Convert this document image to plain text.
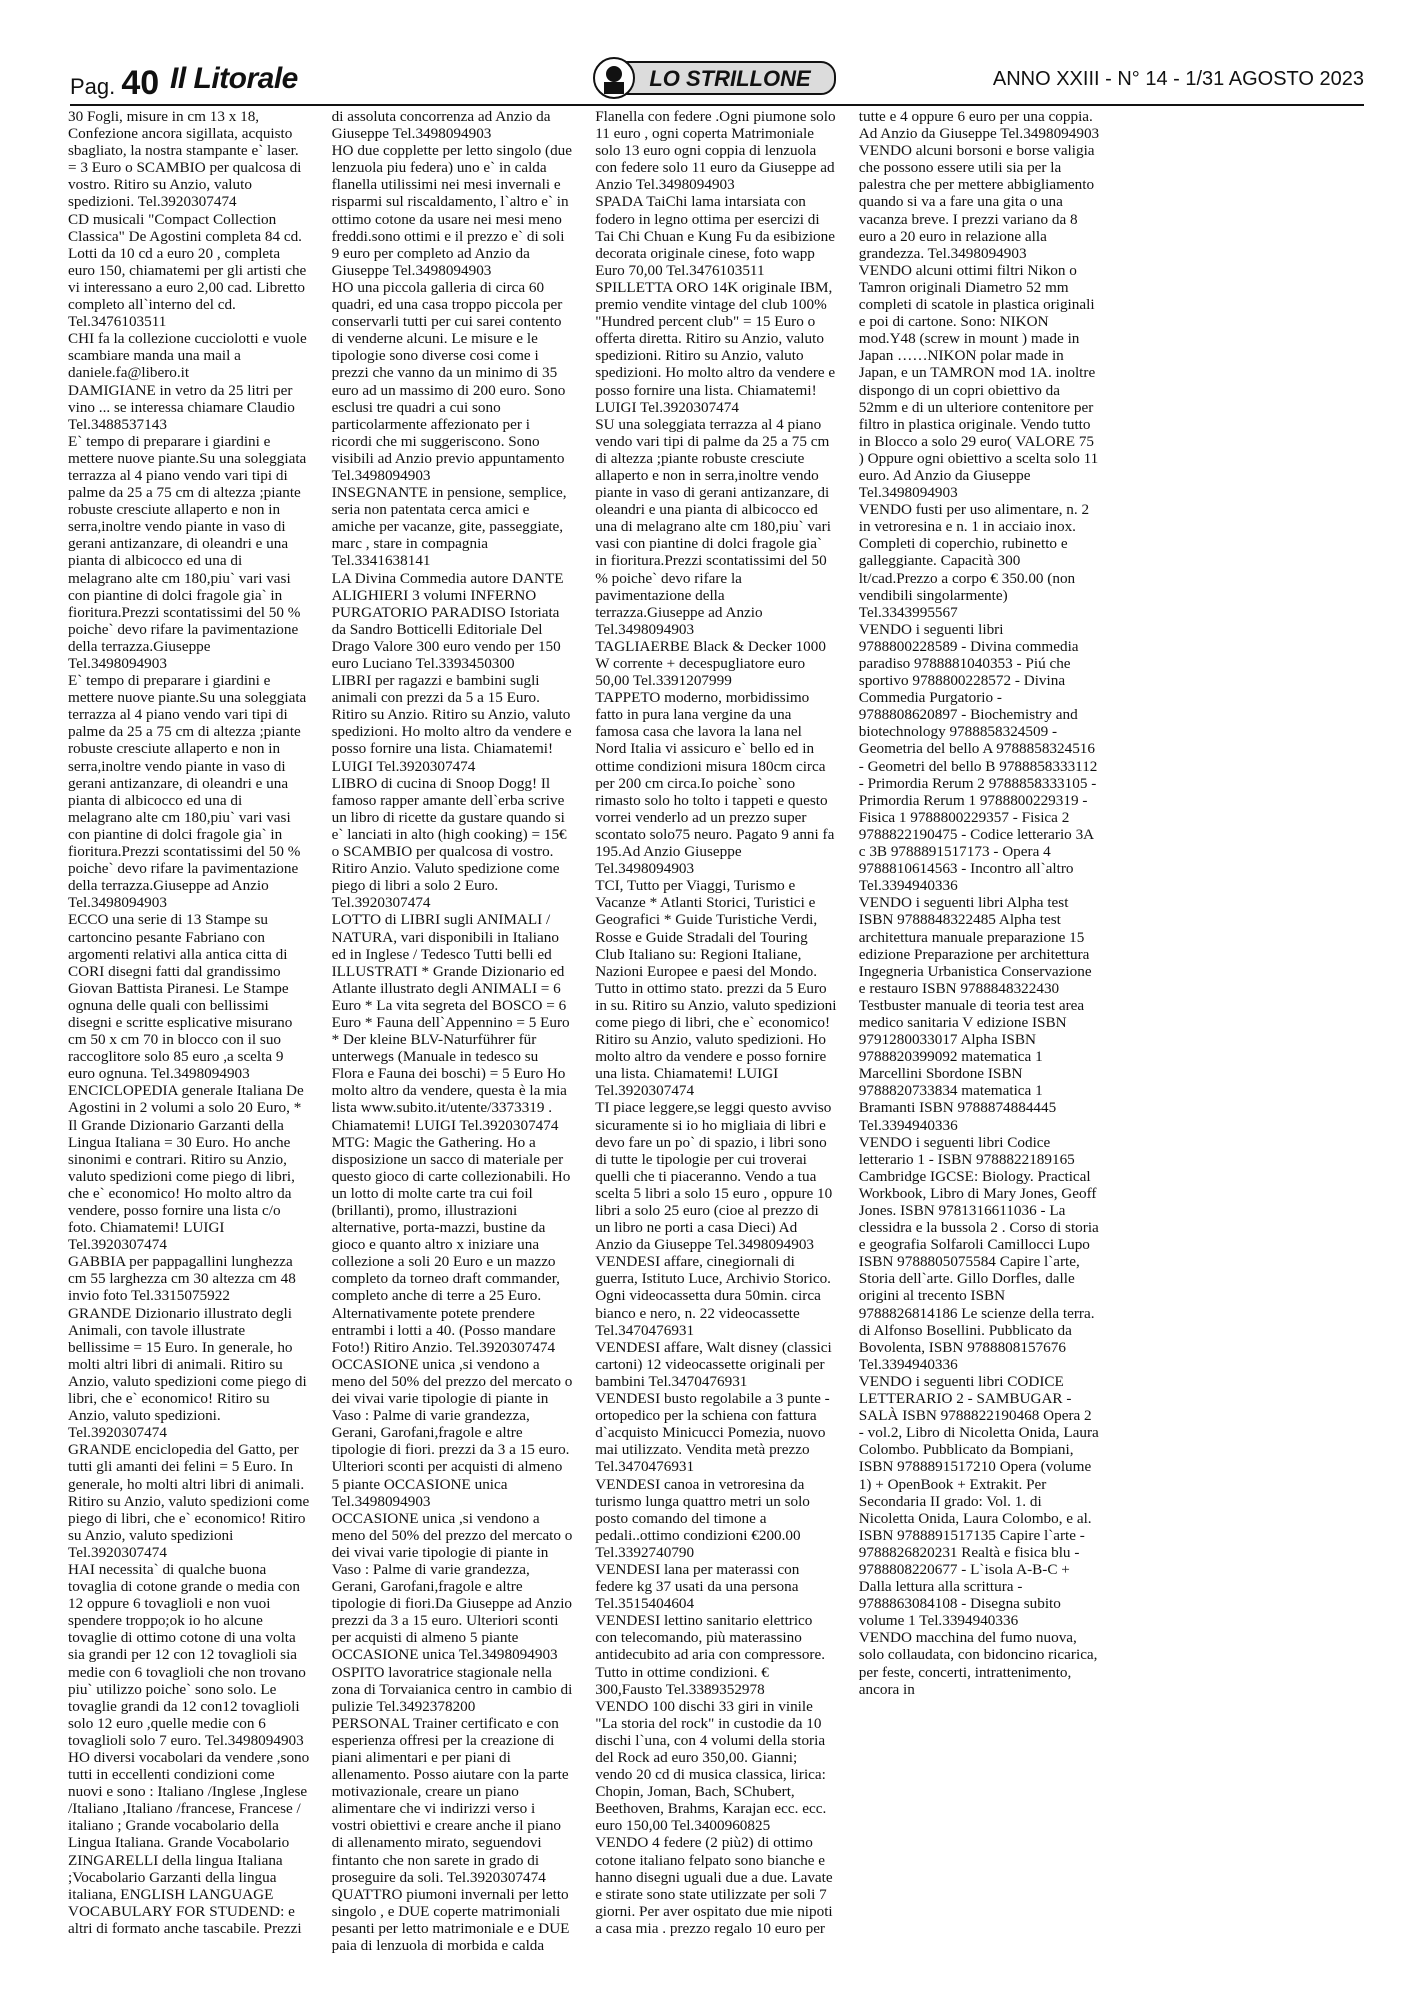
Pag. 40 Il Litorale	LO STRILLONE	ANNO XXIII - N° 14 - 1/31 AGOSTO 2023

30 Fogli, misure in cm 13 x 18, Confezione ancora sigillata, acquisto sbagliato, la nostra stampante e` laser. = 3 Euro o SCAMBIO per qualcosa di vostro. Ritiro su Anzio, valuto spedizioni. Tel.3920307474

CD musicali "Compact Collection Classica" De Agostini completa 84 cd. Lotti da 10 cd a euro 20 , completa euro 150, chiamatemi per gli artisti che vi interessano a euro 2,00 cad. Libretto completo all`interno del cd. Tel.3476103511

CHI fa la collezione cucciolotti e vuole scambiare manda una mail a daniele.fa@libero.it

DAMIGIANE in vetro da 25 litri per vino ... se interessa chiamare Claudio Tel.3488537143

E` tempo di preparare i giardini e mettere nuove piante.Su una soleggiata terrazza al 4 piano vendo vari tipi di palme da 25 a 75 cm di altezza ;piante robuste cresciute allaperto e non in serra,inoltre vendo piante in vaso di gerani antizanzare, di oleandri e una pianta di albicocco ed una di melagrano alte cm 180,piu` vari vasi con piantine di dolci fragole gia` in fioritura.Prezzi scontatissimi del 50 % poiche` devo rifare la pavimentazione della terrazza.Giuseppe Tel.3498094903

E` tempo di preparare i giardini e mettere nuove piante.Su una soleggiata terrazza al 4 piano vendo vari tipi di palme da 25 a 75 cm di altezza ;piante robuste cresciute allaperto e non in serra,inoltre vendo piante in vaso di gerani antizanzare, di oleandri e una pianta di albicocco ed una di melagrano alte cm 180,piu` vari vasi con piantine di dolci fragole gia` in fioritura.Prezzi scontatissimi del 50 % poiche` devo rifare la pavimentazione della terrazza.Giuseppe ad Anzio Tel.3498094903

ECCO una serie di 13 Stampe su cartoncino pesante Fabriano con argomenti relativi alla antica citta di CORI disegni fatti dal grandissimo Giovan Battista Piranesi. Le Stampe ognuna delle quali con bellissimi disegni e scritte esplicative misurano cm 50 x cm 70 in blocco con il suo raccoglitore solo 85 euro ,a scelta 9 euro ognuna. Tel.3498094903

ENCICLOPEDIA generale Italiana De Agostini in 2 volumi a solo 20 Euro, * Il Grande Dizionario Garzanti della Lingua Italiana = 30 Euro. Ho anche sinonimi e contrari. Ritiro su Anzio, valuto spedizioni come piego di libri, che e` economico! Ho molto altro da vendere, posso fornire una lista c/o foto. Chiamatemi! LUIGI Tel.3920307474

GABBIA per pappagallini lunghezza cm 55 larghezza cm 30 altezza cm 48 invio foto Tel.3315075922

GRANDE Dizionario illustrato degli Animali, con tavole illustrate bellissime = 15 Euro. In generale, ho molti altri libri di animali. Ritiro su Anzio, valuto spedizioni come piego di libri, che e` economico! Ritiro su Anzio, valuto spedizioni. Tel.3920307474

GRANDE enciclopedia del Gatto, per tutti gli amanti dei felini = 5 Euro. In generale, ho molti altri libri di animali. Ritiro su Anzio, valuto spedizioni come piego di libri, che e` economico! Ritiro su Anzio, valuto spedizioni Tel.3920307474

HAI necessita` di qualche buona tovaglia di cotone grande o media con 12 oppure 6 tovaglioli e non vuoi spendere troppo;ok io ho alcune tovaglie di ottimo cotone di una volta sia grandi per 12 con 12 tovaglioli sia medie con 6 tovaglioli che non trovano piu` utilizzo poiche` sono solo. Le tovaglie grandi da 12 con12 tovaglioli solo 12 euro ,quelle medie con 6 tovaglioli solo 7 euro. Tel.3498094903

HO diversi vocabolari da vendere ,sono tutti in eccellenti condizioni come nuovi e sono : Italiano /Inglese ,Inglese /Italiano ,Italiano /francese, Francese / italiano ; Grande vocabolario della Lingua Italiana. Grande Vocabolario ZINGARELLI della lingua Italiana ;Vocabolario Garzanti della lingua italiana, ENGLISH LANGUAGE VOCABULARY FOR STUDEND: e altri di formato anche tascabile. Prezzi di assoluta concorrenza ad Anzio da Giuseppe Tel.3498094903

HO due copplette per letto singolo (due lenzuola piu federa) uno e` in calda flanella utilissimi nei mesi invernali e risparmi sul riscaldamento, l`altro e` in ottimo cotone da usare nei mesi meno freddi.sono ottimi e il prezzo e` di soli 9 euro per completo ad Anzio da Giuseppe Tel.3498094903

HO una piccola galleria di circa 60 quadri, ed una casa troppo piccola per conservarli tutti per cui sarei contento di venderne alcuni. Le misure e le tipologie sono diverse cosi come i prezzi che vanno da un minimo di 35 euro ad un massimo di 200 euro. Sono esclusi tre quadri a cui sono particolarmente affezionato per i ricordi che mi suggeriscono. Sono visibili ad Anzio previo appuntamento Tel.3498094903

INSEGNANTE in pensione, semplice, seria non patentata cerca amici e amiche per vacanze, gite, passeggiate, marc , stare in compagnia Tel.3341638141

LA Divina Commedia autore DANTE ALIGHIERI 3 volumi INFERNO PURGATORIO PARADISO Istoriata da Sandro Botticelli Editoriale Del Drago Valore 300 euro vendo per 150 euro Luciano Tel.3393450300

LIBRI per ragazzi e bambini sugli animali con prezzi da 5 a 15 Euro. Ritiro su Anzio. Ritiro su Anzio, valuto spedizioni. Ho molto altro da vendere e posso fornire una lista. Chiamatemi! LUIGI Tel.3920307474

LIBRO di cucina di Snoop Dogg! Il famoso rapper amante dell`erba scrive un libro di ricette da gustare quando si e` lanciati in alto (high cooking) = 15€ o SCAMBIO per qualcosa di vostro. Ritiro Anzio. Valuto spedizione come piego di libri a solo 2 Euro. Tel.3920307474

LOTTO di LIBRI sugli ANIMALI / NATURA, vari disponibili in Italiano ed in Inglese / Tedesco Tutti belli ed ILLUSTRATI * Grande Dizionario ed Atlante illustrato degli ANIMALI = 6 Euro * La vita segreta del BOSCO = 6 Euro * Fauna dell`Appennino = 5 Euro * Der kleine BLV-Naturführer für unterwegs (Manuale in tedesco su Flora e Fauna dei boschi) = 5 Euro Ho molto altro da vendere, questa è la mia lista www.subito.it/utente/3373319 . Chiamatemi! LUIGI Tel.3920307474

MTG: Magic the Gathering. Ho a disposizione un sacco di materiale per questo gioco di carte collezionabili. Ho un lotto di molte carte tra cui foil (brillanti), promo, illustrazioni alternative, porta-mazzi, bustine da gioco e quanto altro x iniziare una collezione a soli 20 Euro e un mazzo completo da torneo draft commander, completo anche di terre a 25 Euro. Alternativamente potete prendere entrambi i lotti a 40. (Posso mandare Foto!) Ritiro Anzio. Tel.3920307474

OCCASIONE unica ,si vendono a meno del 50% del prezzo del mercato o dei vivai varie tipologie di piante in Vaso : Palme di varie grandezza, Gerani, Garofani,fragole e altre tipologie di fiori. prezzi da 3 a 15 euro. Ulteriori sconti per acquisti di almeno 5 piante OCCASIONE unica Tel.3498094903

OCCASIONE unica ,si vendono a meno del 50% del prezzo del mercato o dei vivai varie tipologie di piante in Vaso : Palme di varie grandezza, Gerani, Garofani,fragole e altre tipologie di fiori.Da Giuseppe ad Anzio prezzi da 3 a 15 euro. Ulteriori sconti per acquisti di almeno 5 piante OCCASIONE unica Tel.3498094903

OSPITO lavoratrice stagionale nella zona di Torvaianica centro in cambio di pulizie Tel.3492378200

PERSONAL Trainer certificato e con esperienza offresi per la creazione di piani alimentari e per piani di allenamento. Posso aiutare con la parte motivazionale, creare un piano alimentare che vi indirizzi verso i vostri obiettivi e creare anche il piano di allenamento mirato, seguendovi fintanto che non sarete in grado di proseguire da soli. Tel.3920307474

QUATTRO piumoni invernali per letto singolo , e DUE coperte matrimoniali pesanti per letto matrimoniale e e DUE paia di lenzuola di morbida e calda Flanella con federe .Ogni piumone solo 11 euro , ogni coperta Matrimoniale solo 13 euro ogni coppia di lenzuola con federe solo 11 euro da Giuseppe ad Anzio Tel.3498094903

SPADA TaiChi lama intarsiata con fodero in legno ottima per esercizi di Tai Chi Chuan e Kung Fu da esibizione decorata originale cinese, foto wapp Euro 70,00 Tel.3476103511

SPILLETTA ORO 14K originale IBM, premio vendite vintage del club 100% "Hundred percent club" = 15 Euro o offerta diretta. Ritiro su Anzio, valuto spedizioni. Ritiro su Anzio, valuto spedizioni. Ho molto altro da vendere e posso fornire una lista. Chiamatemi! LUIGI Tel.3920307474

SU una soleggiata terrazza al 4 piano vendo vari tipi di palme da 25 a 75 cm di altezza ;piante robuste cresciute allaperto e non in serra,inoltre vendo piante in vaso di gerani antizanzare, di oleandri e una pianta di albicocco ed una di melagrano alte cm 180,piu` vari vasi con piantine di dolci fragole gia` in fioritura.Prezzi scontatissimi del 50 % poiche` devo rifare la pavimentazione della terrazza.Giuseppe ad Anzio Tel.3498094903

TAGLIAERBE Black & Decker 1000 W corrente + decespugliatore euro 50,00 Tel.3391207999

TAPPETO moderno, morbidissimo fatto in pura lana vergine da una famosa casa che lavora la lana nel Nord Italia vi assicuro e` bello ed in ottime condizioni misura 180cm circa per 200 cm circa.Io poiche` sono rimasto solo ho tolto i tappeti e questo vorrei venderlo ad un prezzo super scontato solo75 neuro. Pagato 9 anni fa 195.Ad Anzio Giuseppe Tel.3498094903

TCI, Tutto per Viaggi, Turismo e Vacanze * Atlanti Storici, Turistici e Geografici * Guide Turistiche Verdi, Rosse e Guide Stradali del Touring Club Italiano su: Regioni Italiane, Nazioni Europee e paesi del Mondo. Tutto in ottimo stato. prezzi da 5 Euro in su. Ritiro su Anzio, valuto spedizioni come piego di libri, che e` economico! Ritiro su Anzio, valuto spedizioni. Ho molto altro da vendere e posso fornire una lista. Chiamatemi! LUIGI Tel.3920307474

TI piace leggere,se leggi questo avviso sicuramente si io ho migliaia di libri e devo fare un po` di spazio, i libri sono di tutte le tipologie per cui troverai quelli che ti piaceranno. Vendo a tua scelta 5 libri a solo 15 euro , oppure 10 libri a solo 25 euro (cioe al prezzo di un libro ne porti a casa Dieci) Ad Anzio da Giuseppe Tel.3498094903

VENDESI affare, cinegiornali di guerra, Istituto Luce, Archivio Storico. Ogni videocassetta dura 50min. circa bianco e nero, n. 22 videocassette Tel.3470476931

VENDESI affare, Walt disney (classici cartoni) 12 videocassette originali per bambini Tel.3470476931

VENDESI busto regolabile a 3 punte - ortopedico per la schiena con fattura d`acquisto Minicucci Pomezia, nuovo mai utilizzato. Vendita metà prezzo Tel.3470476931

VENDESI canoa in vetroresina da turismo lunga quattro metri un solo posto comando del timone a pedali..ottimo condizioni €200.00 Tel.3392740790

VENDESI lana per materassi con federe kg 37 usati da una persona Tel.3515404604

VENDESI lettino sanitario elettrico con telecomando, più materassino antidecubito ad aria con compressore. Tutto in ottime condizioni. € 300,Fausto Tel.3389352978

VENDO 100 dischi 33 giri in vinile "La storia del rock" in custodie da 10 dischi l`una, con 4 volumi della storia del Rock ad euro 350,00. Gianni; vendo 20 cd di musica classica, lirica: Chopin, Joman, Bach, SChubert, Beethoven, Brahms, Karajan ecc. ecc. euro 150,00 Tel.3400960825

VENDO 4 federe (2 più2) di ottimo cotone italiano felpato sono bianche e hanno disegni uguali due a due. Lavate e stirate sono state utilizzate per soli 7 giorni. Per aver ospitato due mie nipoti a casa mia . prezzo regalo 10 euro per tutte e 4 oppure 6 euro per una coppia. Ad Anzio da Giuseppe Tel.3498094903

VENDO alcuni borsoni e borse valigia che possono essere utili sia per la palestra che per mettere abbigliamento quando si va a fare una gita o una vacanza breve. I prezzi variano da 8 euro a 20 euro in relazione alla grandezza. Tel.3498094903

VENDO alcuni ottimi filtri Nikon o Tamron originali Diametro 52 mm completi di scatole in plastica originali e poi di cartone. Sono: NIKON mod.Y48 (screw in mount ) made in Japan ……NIKON polar made in Japan, e un TAMRON mod 1A. inoltre dispongo di un copri obiettivo da 52mm e di un ulteriore contenitore per filtro in plastica originale. Vendo tutto in Blocco a solo 29 euro( VALORE 75 ) Oppure ogni obiettivo a scelta solo 11 euro. Ad Anzio da Giuseppe Tel.3498094903

VENDO fusti per uso alimentare, n. 2 in vetroresina e n. 1 in acciaio inox. Completi di coperchio, rubinetto e galleggiante. Capacità 300 lt/cad.Prezzo a corpo € 350.00 (non vendibili singolarmente) Tel.3343995567

VENDO i seguenti libri 9788800228589 - Divina commedia paradiso 9788881040353 - Piú che sportivo 9788800228572 - Divina Commedia Purgatorio - 9788808620897 - Biochemistry and biotechnology 9788858324509 - Geometria del bello A 9788858324516 - Geometri del bello B 9788858333112 - Primordia Rerum 2 9788858333105 - Primordia Rerum 1 9788800229319 - Fisica 1 9788800229357 - Fisica 2 9788822190475 - Codice letterario 3A c 3B 9788891517173 - Opera 4 9788810614563 - Incontro all`altro Tel.3394940336

VENDO i seguenti libri Alpha test ISBN 9788848322485 Alpha test architettura manuale preparazione 15 edizione Preparazione per architettura Ingegneria Urbanistica Conservazione e restauro ISBN 9788848322430 Testbuster manuale di teoria test area medico sanitaria V edizione ISBN 9791280033017 Alpha ISBN 9788820399092 matematica 1 Marcellini Sbordone ISBN 9788820733834 matematica 1 Bramanti ISBN 9788874884445 Tel.3394940336

VENDO i seguenti libri Codice letterario 1 - ISBN 9788822189165 Cambridge IGCSE: Biology. Practical Workbook, Libro di Mary Jones, Geoff Jones. ISBN 9781316611036 - La clessidra e la bussola 2 . Corso di storia e geografia Solfaroli Camillocci Lupo ISBN 9788805075584 Capire l`arte, Storia dell`arte. Gillo Dorfles, dalle origini al trecento ISBN 9788826814186 Le scienze della terra. di Alfonso Bosellini. Pubblicato da Bovolenta, ISBN 9788808157676 Tel.3394940336

VENDO i seguenti libri CODICE LETTERARIO 2 - SAMBUGAR - SALÀ ISBN 9788822190468 Opera 2 - vol.2, Libro di Nicoletta Onida, Laura Colombo. Pubblicato da Bompiani, ISBN 9788891517210 Opera (volume 1) + OpenBook + Extrakit. Per Secondaria II grado: Vol. 1. di Nicoletta Onida, Laura Colombo, e al. ISBN 9788891517135 Capire l`arte - 9788826820231 Realtà e fisica blu - 9788808220677 - L`isola A-B-C + Dalla lettura alla scrittura - 9788863084108 - Disegna subito volume 1 Tel.3394940336

VENDO macchina del fumo nuova, solo collaudata, con bidoncino ricarica, per feste, concerti, intrattenimento, ancora in
